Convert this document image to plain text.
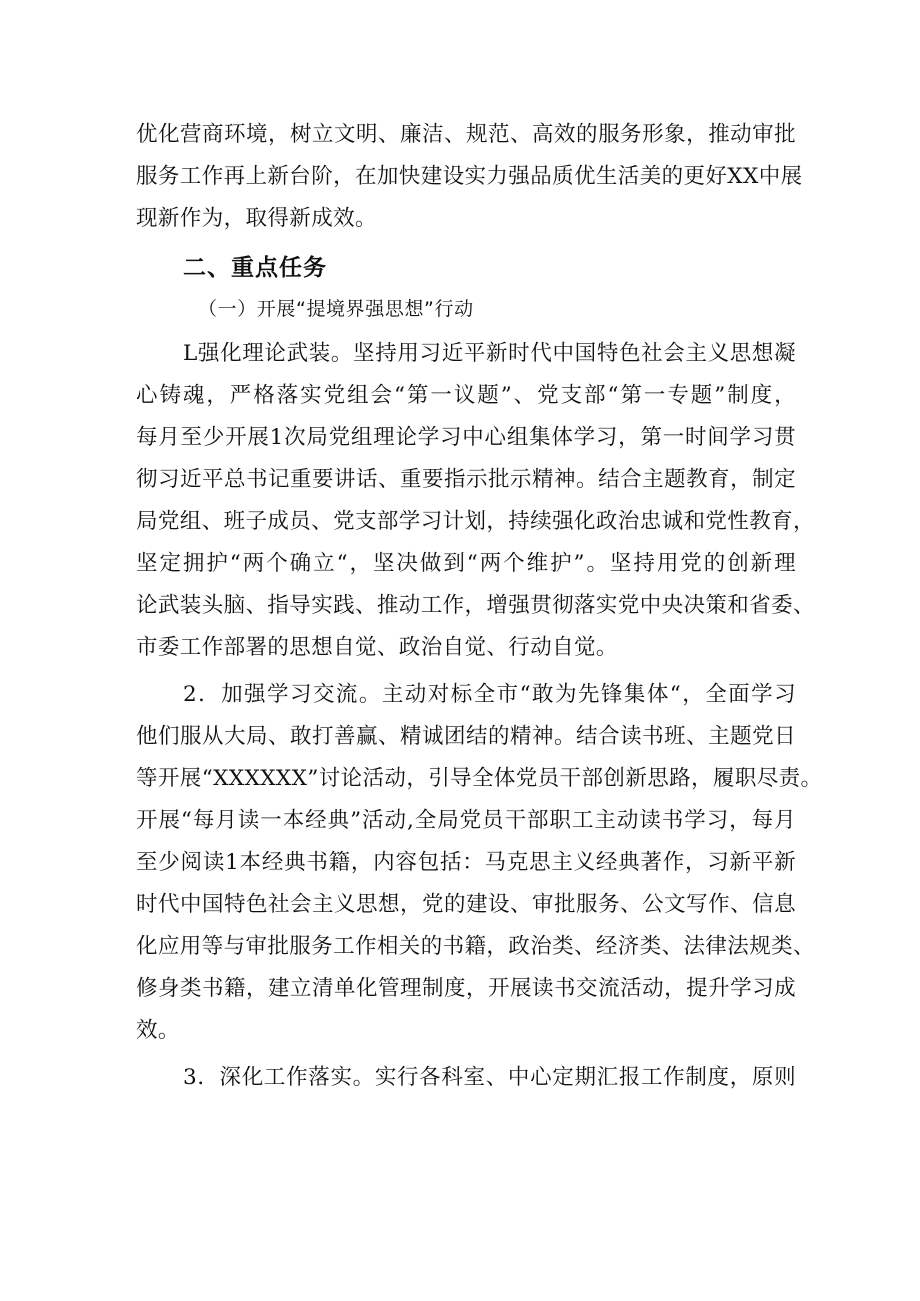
优化营商环境，树立文明、廉洁、规范、高效的服务形象，推动审批
服务工作再上新台阶，在加快建设实力强品质优生活美的更好XX中展
现新作为，取得新成效。
二、重点任务
（一）开展“提境界强思想”行动
L强化理论武装。坚持用习近平新时代中国特色社会主义思想凝
心铸魂，严格落实党组会“第一议题”、党支部“第一专题”制度，
每月至少开展1次局党组理论学习中心组集体学习，第一时间学习贯
彻习近平总书记重要讲话、重要指示批示精神。结合主题教育，制定
局党组、班子成员、党支部学习计划，持续强化政治忠诚和党性教育，
坚定拥护“两个确立“，坚决做到“两个维护”。坚持用党的创新理
论武装头脑、指导实践、推动工作，增强贯彻落实党中央决策和省委、
市委工作部署的思想自觉、政治自觉、行动自觉。
2．加强学习交流。主动对标全市“敢为先锋集体“，全面学习
他们服从大局、敢打善赢、精诚团结的精神。结合读书班、主题党日
等开展“XXXXXX”讨论活动，引导全体党员干部创新思路，履职尽责。
开展“每月读一本经典”活动,全局党员干部职工主动读书学习，每月
至少阅读1本经典书籍，内容包括：马克思主义经典著作，习新平新
时代中国特色社会主义思想，党的建设、审批服务、公文写作、信息
化应用等与审批服务工作相关的书籍，政治类、经济类、法律法规类、
修身类书籍，建立清单化管理制度，开展读书交流活动，提升学习成
效。
3．深化工作落实。实行各科室、中心定期汇报工作制度，原则
